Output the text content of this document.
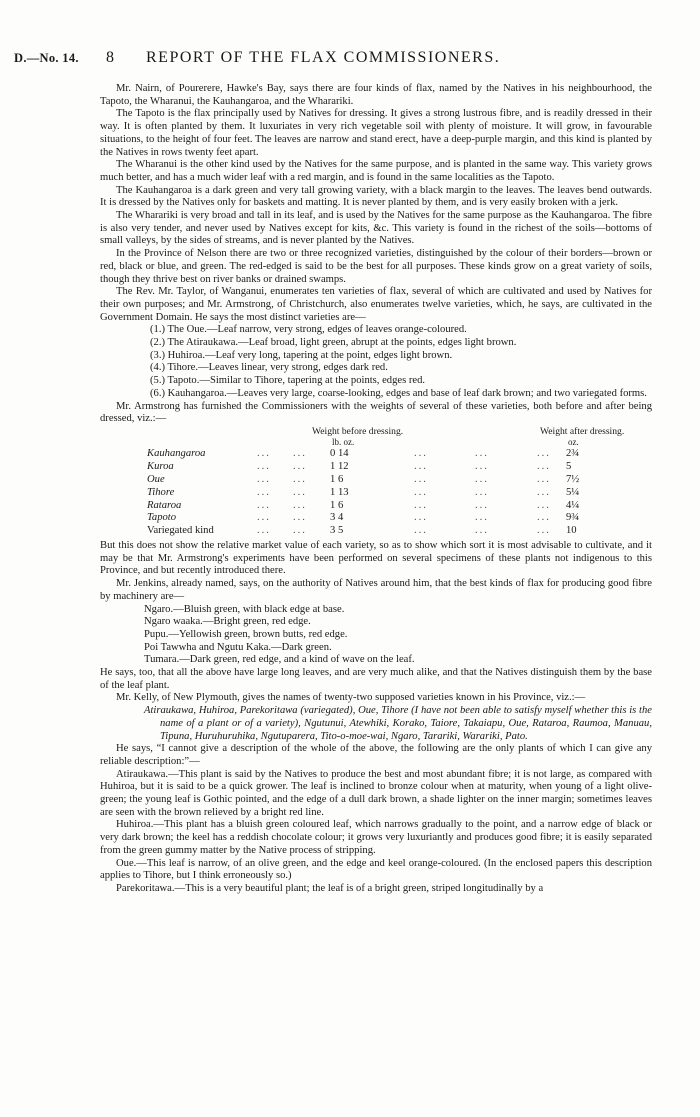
D.—No. 14. 8 REPORT OF THE FLAX COMMISSIONERS.

Mr. Nairn, of Pourerere, Hawke's Bay, says there are four kinds of flax, named by the Natives in his neighbourhood, the Tapoto, the Wharanui, the Kauhangaroa, and the Wharariki.

The Tapoto is the flax principally used by Natives for dressing. It gives a strong lustrous fibre, and is readily dressed in their way. It is often planted by them. It luxuriates in very rich vegetable soil with plenty of moisture. It will grow, in favourable situations, to the height of four feet. The leaves are narrow and stand erect, have a deep-purple margin, and this kind is planted by the Natives in rows twenty feet apart.

The Wharanui is the other kind used by the Natives for the same purpose, and is planted in the same way. This variety grows much better, and has a much wider leaf with a red margin, and is found in the same localities as the Tapoto.

The Kauhangaroa is a dark green and very tall growing variety, with a black margin to the leaves. The leaves bend outwards. It is dressed by the Natives only for baskets and matting. It is never planted by them, and is very easily broken with a jerk.

The Wharariki is very broad and tall in its leaf, and is used by the Natives for the same purpose as the Kauhangaroa. The fibre is also very tender, and never used by Natives except for kits, &c. This variety is found in the richest of the soils—bottoms of small valleys, by the sides of streams, and is never planted by the Natives.

In the Province of Nelson there are two or three recognized varieties, distinguished by the colour of their borders—brown or red, black or blue, and green. The red-edged is said to be the best for all purposes. These kinds grow on a great variety of soils, though they thrive best on river banks or drained swamps.

The Rev. Mr. Taylor, of Wanganui, enumerates ten varieties of flax, several of which are cultivated and used by Natives for their own purposes; and Mr. Armstrong, of Christchurch, also enumerates twelve varieties, which, he says, are cultivated in the Government Domain. He says the most distinct varieties are—

(1.) The Oue.—Leaf narrow, very strong, edges of leaves orange-coloured.
(2.) The Atiraukawa.—Leaf broad, light green, abrupt at the points, edges light brown.
(3.) Huhiroa.—Leaf very long, tapering at the point, edges light brown.
(4.) Tihore.—Leaves linear, very strong, edges dark red.
(5.) Tapoto.—Similar to Tihore, tapering at the points, edges red.
(6.) Kauhangaroa.—Leaves very large, coarse-looking, edges and base of leaf dark brown; and two variegated forms.

Mr. Armstrong has furnished the Commissioners with the weights of several of these varieties, both before and after being dressed, viz.:—

Weight before dressing.	Weight after dressing.
lb. oz.	oz.
Kauhangaroa	... ... 0 14	...	...	... 2¾
Kuroa	... ... 1 12	...	...	... 5
Oue	... ... 1 6	...	...	... 7½
Tihore	... ... 1 13	...	...	... 5¼
Rataroa	... ... 1 6	...	...	... 4¼
Tapoto	... ... 3 4	...	...	... 9¾
Variegated kind	... ... 3 5	...	...	... 10

But this does not show the relative market value of each variety, so as to show which sort it is most advisable to cultivate, and it may be that Mr. Armstrong's experiments have been performed on several specimens of these plants not indigenous to this Province, and but recently introduced there.

Mr. Jenkins, already named, says, on the authority of Natives around him, that the best kinds of flax for producing good fibre by machinery are—

Ngaro.—Bluish green, with black edge at base.
Ngaro waaka.—Bright green, red edge.
Pupu.—Yellowish green, brown butts, red edge.
Poi Tawwha and Ngutu Kaka.—Dark green.
Tumara.—Dark green, red edge, and a kind of wave on the leaf.

He says, too, that all the above have large long leaves, and are very much alike, and that the Natives distinguish them by the base of the leaf plant.

Mr. Kelly, of New Plymouth, gives the names of twenty-two supposed varieties known in his Province, viz.:—

Atiraukawa, Huhiroa, Parekoritawa (variegated), Oue, Tihore (I have not been able to satisfy myself whether this is the name of a plant or of a variety), Ngutunui, Atewhiki, Korako, Taiore, Takaiapu, Oue, Rataroa, Raumoa, Manuau, Tipuna, Huruhuruhika, Ngutuparera, Tito-o-moe-wai, Ngaro, Tarariki, Warariki, Pato.

He says, “I cannot give a description of the whole of the above, the following are the only plants of which I can give any reliable description:”—

Atiraukawa.—This plant is said by the Natives to produce the best and most abundant fibre; it is not large, as compared with Huhiroa, but it is said to be a quick grower. The leaf is inclined to bronze colour when at maturity, when young of a light olive-green; the young leaf is Gothic pointed, and the edge of a dull dark brown, a shade lighter on the inner margin; sometimes leaves are seen with the brown relieved by a bright red line.

Huhiroa.—This plant has a bluish green coloured leaf, which narrows gradually to the point, and a narrow edge of black or very dark brown; the keel has a reddish chocolate colour; it grows very luxuriantly and produces good fibre; it is easily separated from the green gummy matter by the Native process of stripping.

Oue.—This leaf is narrow, of an olive green, and the edge and keel orange-coloured. (In the enclosed papers this description applies to Tihore, but I think erroneously so.)

Parekoritawa.—This is a very beautiful plant; the leaf is of a bright green, striped longitudinally by a
